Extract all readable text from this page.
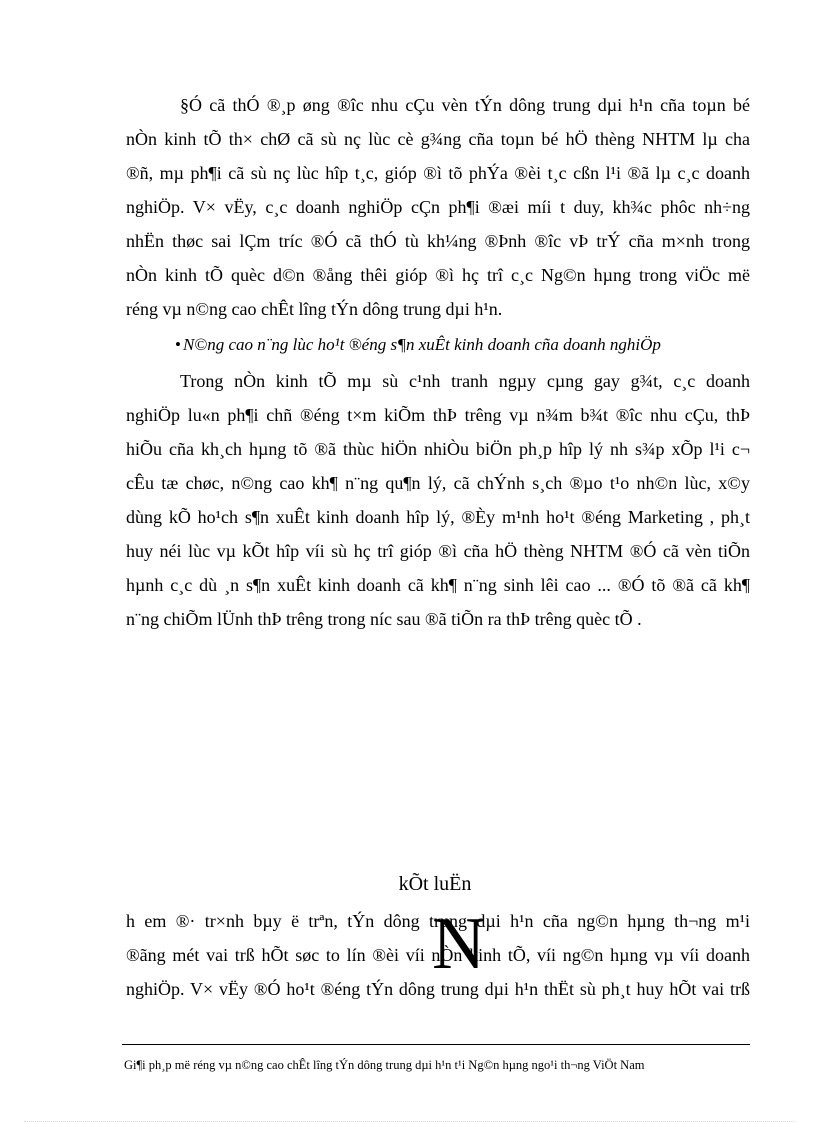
§Ó cã thÓ ®¸p øng ®îc nhu cÇu vèn tÝn dông trung dµi h¹n cña toµn bé
nÒn kinh tÕ th× chØ cã sù nç lùc cè g¾ng cña toµn bé hÖ thèng NHTM lµ cha
®ñ, mµ ph¶i cã sù nç lùc hîp t¸c, gióp ®ì tõ phÝa ®èi t¸c cßn l¹i ®ã lµ c¸c doanh
nghiÖp. V× vËy, c¸c doanh nghiÖp cÇn ph¶i ®æi míi t duy, kh¾c phôc nh÷ng
nhËn thøc sai lÇm tríc ®Ó cã thÓ tù kh¼ng ®Þnh ®îc vÞ trÝ cña m×nh trong
nÒn kinh tÕ quèc d©n ®ång thêi gióp ®ì hç trî c¸c Ng©n hµng trong viÖc më
réng vµ n©ng cao chÊt lîng tÝn dông trung dµi h¹n.
• N©ng cao n¨ng lùc ho¹t ®éng s¶n xuÊt kinh doanh cña doanh nghiÖp
Trong nÒn kinh tÕ mµ sù c¹nh tranh ngµy cµng gay g¾t, c¸c doanh
nghiÖp lu«n ph¶i chñ ®éng t×m kiÕm thÞ trêng vµ n¾m b¾t ®îc nhu cÇu, thÞ
hiÕu cña kh¸ch hµng tõ ®ã thùc hiÖn nhiÒu biÖn ph¸p hîp lý nh s¾p xÕp l¹i c¬
cÊu tæ chøc, n©ng cao kh¶ n¨ng qu¶n lý, cã chÝnh s¸ch ®µo t¹o nh©n lùc, x©y
dùng kÕ ho¹ch s¶n xuÊt kinh doanh hîp lý, ®Èy m¹nh ho¹t ®éng Marketing , ph¸t
huy néi lùc vµ kÕt hîp víi sù hç trî gióp ®ì cña hÖ thèng NHTM ®Ó cã vèn tiÕn
hµnh c¸c dù ¸n s¶n xuÊt kinh doanh cã kh¶ n¨ng sinh lêi cao ... ®Ó tõ ®ã cã kh¶
n¨ng chiÕm lÜnh thÞ trêng trong níc sau ®ã tiÕn ra thÞ trêng quèc tÕ .
kÕt luËn
h em ®· tr×nh bµy ë trªn, tÝn dông trung dµi h¹n cña ng©n hµng th¬ng m¹i
®ãng mét vai trß hÕt søc to lín ®èi víi nÒn kinh tÕ, víi ng©n hµng vµ víi doanh
nghiÖp. V× vËy ®Ó ho¹t ®éng tÝn dông trung dµi h¹n thËt sù ph¸t huy hÕt vai trß
N
Gi¶i ph¸p më réng vµ n©ng cao chÊt lîng tÝn dông trung dµi h¹n t¹i Ng©n hµng ngo¹i th¬ng ViÖt Nam
